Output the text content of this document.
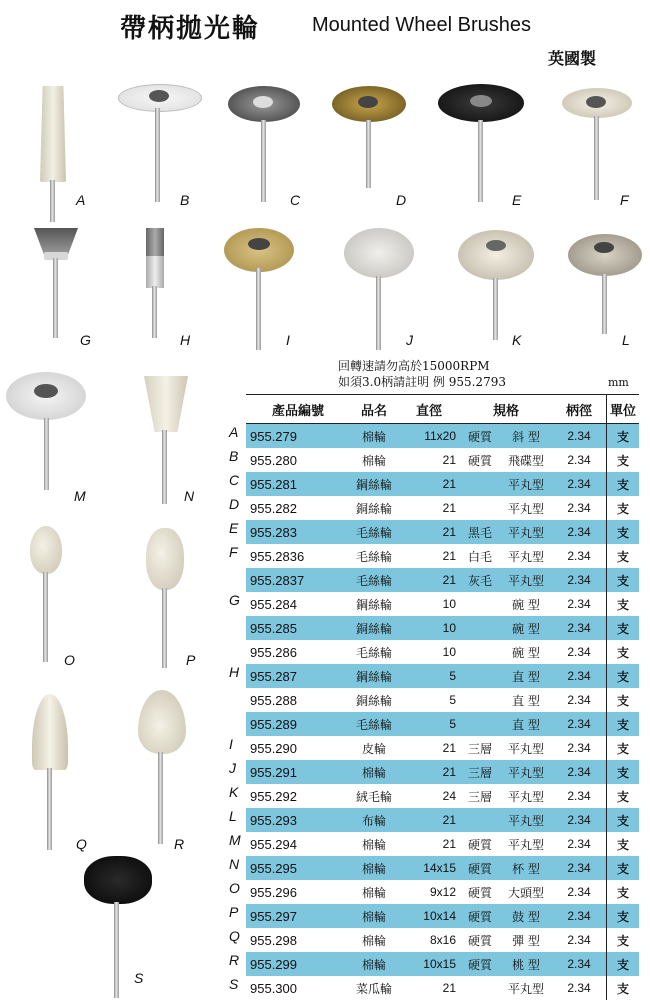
帶柄拋光輪	Mounted Wheel Brushes
英國製
A	B	C	D	E	F
G	H	I	J	K	L
M	N
O	P
Q	R
S
回轉速請勿高於15000RPM
如須3.0柄請註明 例 955.2793	mm
A
B
C
D
E
F
G
H
I
J
K
L
M
N
O
P
Q
R
S
產品編號	品名	直徑	規格		柄徑	單位
955.279	棉輪	11x20	硬質	斜 型	2.34	支
955.280	棉輪	21	硬質	飛碟型	2.34	支
955.281	鋼絲輪	21		平丸型	2.34	支
955.282	銅絲輪	21		平丸型	2.34	支
955.283	毛絲輪	21	黑毛	平丸型	2.34	支
955.2836	毛絲輪	21	白毛	平丸型	2.34	支
955.2837	毛絲輪	21	灰毛	平丸型	2.34	支
955.284	鋼絲輪	10		碗 型	2.34	支
955.285	銅絲輪	10		碗 型	2.34	支
955.286	毛絲輪	10		碗 型	2.34	支
955.287	鋼絲輪	5		直 型	2.34	支
955.288	銅絲輪	5		直 型	2.34	支
955.289	毛絲輪	5		直 型	2.34	支
955.290	皮輪	21	三層	平丸型	2.34	支
955.291	棉輪	21	三層	平丸型	2.34	支
955.292	絨毛輪	24	三層	平丸型	2.34	支
955.293	布輪	21		平丸型	2.34	支
955.294	棉輪	21	硬質	平丸型	2.34	支
955.295	棉輪	14x15	硬質	杯 型	2.34	支
955.296	棉輪	9x12	硬質	大頭型	2.34	支
955.297	棉輪	10x14	硬質	鼓 型	2.34	支
955.298	棉輪	8x16	硬質	彈 型	2.34	支
955.299	棉輪	10x15	硬質	桃 型	2.34	支
955.300	菜瓜輪	21		平丸型	2.34	支
